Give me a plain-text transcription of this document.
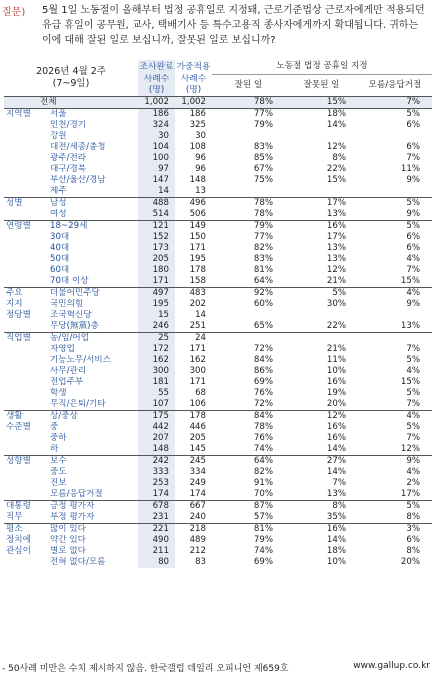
질문) 5월 1일 노동절이 올해부터 법정 공휴일로 지정돼, 근로기준법상 근로자에게만 적용되던 유급 휴일이 공무원, 교사, 택배기사 등 특수고용직 종사자에게까지 확대됩니다. 귀하는 이에 대해 잘된 일로 보십니까, 잘못된 일로 보십니까?
2026년 4월 2주
(7~9일)		조사완료	가중적용	노동절 법정 공휴일 지정		
		사례수	사례수	잘된 일	잘못된 일	모름/응답거절
		(명)	(명)			
전체		1,002	1,002	78%	15%	7%
지역별	서울	186	186	77%	18%	5%
	인천/경기	324	325	79%	14%	6%
	강원	30	30			
	대전/세종/충청	104	108	83%	12%	6%
	광주/전라	100	96	85%	8%	7%
	대구/경북	97	96	67%	22%	11%
	부산/울산/경남	147	148	75%	15%	9%
	제주	14	13			
성별	남성	488	496	78%	17%	5%
	여성	514	506	78%	13%	9%
연령별	18~29세	121	149	79%	16%	5%
	30대	152	150	77%	17%	6%
	40대	173	171	82%	13%	6%
	50대	205	195	83%	13%	4%
	60대	180	178	81%	12%	7%
	70대 이상	171	158	64%	21%	15%
주요
지지
정당별	더불어민주당	497	483	92%	5%	4%
	국민의힘	195	202	60%	30%	9%
	조국혁신당	15	14			
	무당(無黨)층	246	251	65%	22%	13%
직업별	농/임/어업	25	24			
	자영업	172	171	72%	21%	7%
	기능노무/서비스	162	162	84%	11%	5%
	사무/관리	300	300	86%	10%	4%
	전업주부	181	171	69%	16%	15%
	학생	55	68	76%	19%	5%
	무직/은퇴/기타	107	106	72%	20%	7%
생활
수준별	상/중상	175	178	84%	12%	4%
	중	442	446	78%	16%	5%
	중하	207	205	76%	16%	7%
	하	148	145	74%	14%	12%
성향별	보수	242	245	64%	27%	9%
	중도	333	334	82%	14%	4%
	진보	253	249	91%	7%	2%
	모름/응답거절	174	174	70%	13%	17%
대통령
직무	긍정 평가자	678	667	87%	8%	5%
	부정 평가자	231	240	57%	35%	8%
평소
정치에
관심이	많이 있다	221	218	81%	16%	3%
	약간 있다	490	489	79%	14%	6%
	별로 없다	211	212	74%	18%	8%
	전혀 없다/모름	80	83	69%	10%	20%
- 50사례 미만은 수치 제시하지 않음. 한국갤럽 데일리 오피니언 제659호	www.gallup.co.kr
